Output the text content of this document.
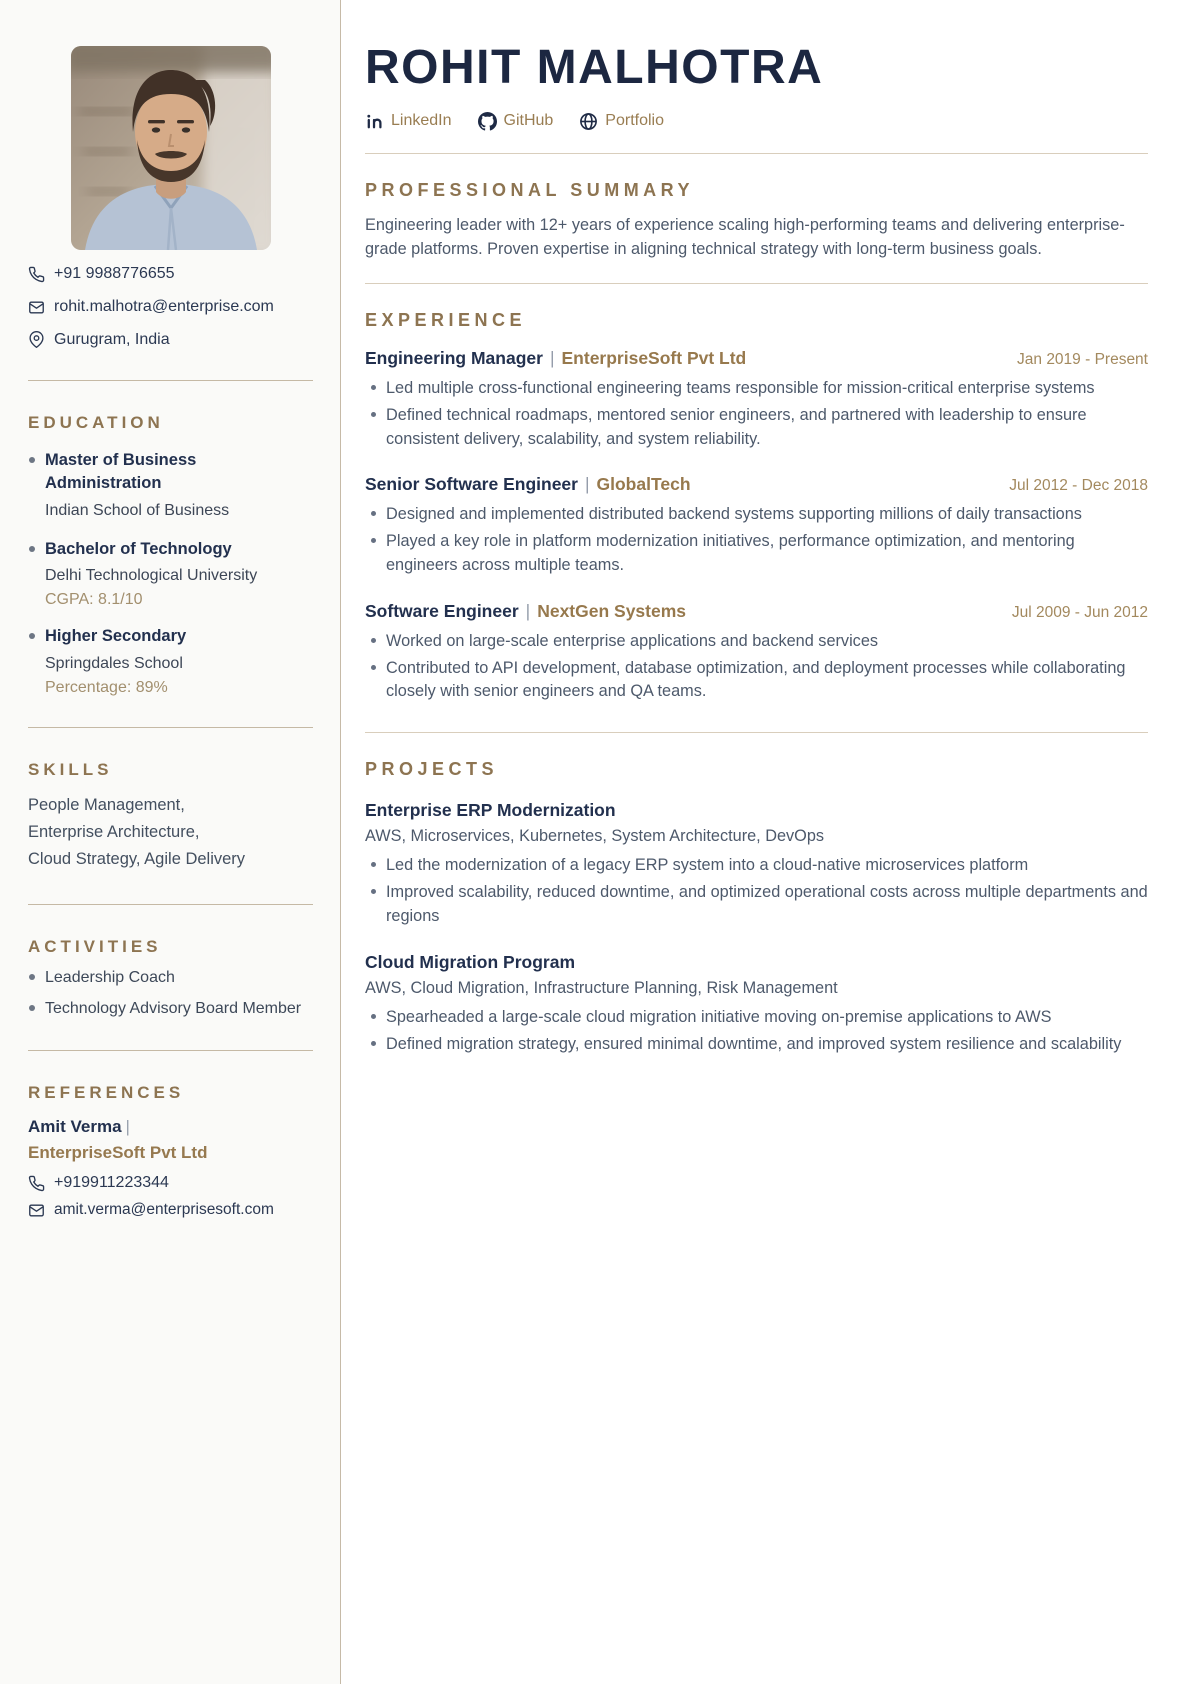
+91 9988776655
rohit.malhotra@enterprise.com
Gurugram, India
EDUCATION
Master of Business Administration
Indian School of Business
Bachelor of Technology
Delhi Technological University
CGPA: 8.1/10
Higher Secondary
Springdales School
Percentage: 89%
SKILLS
People Management,
Enterprise Architecture,
Cloud Strategy, Agile Delivery
ACTIVITIES
Leadership Coach
Technology Advisory Board Member
REFERENCES
Amit Verma |
EnterpriseSoft Pvt Ltd
+919911223344
amit.verma@enterprisesoft.com
ROHIT MALHOTRA
LinkedIn	GitHub	Portfolio
PROFESSIONAL SUMMARY

Engineering leader with 12+ years of experience scaling high-performing teams and delivering enterprise-grade platforms. Proven expertise in aligning technical strategy with long-term business goals.

EXPERIENCE
Engineering Manager | EnterpriseSoft Pvt Ltd	Jan 2019 - Present
Led multiple cross-functional engineering teams responsible for mission-critical enterprise systems
Defined technical roadmaps, mentored senior engineers, and partnered with leadership to ensure consistent delivery, scalability, and system reliability.
Senior Software Engineer | GlobalTech	Jul 2012 - Dec 2018
Designed and implemented distributed backend systems supporting millions of daily transactions
Played a key role in platform modernization initiatives, performance optimization, and mentoring engineers across multiple teams.
Software Engineer | NextGen Systems	Jul 2009 - Jun 2012
Worked on large-scale enterprise applications and backend services
Contributed to API development, database optimization, and deployment processes while collaborating closely with senior engineers and QA teams.
PROJECTS
Enterprise ERP Modernization
AWS, Microservices, Kubernetes, System Architecture, DevOps
Led the modernization of a legacy ERP system into a cloud-native microservices platform
Improved scalability, reduced downtime, and optimized operational costs across multiple departments and regions
Cloud Migration Program
AWS, Cloud Migration, Infrastructure Planning, Risk Management
Spearheaded a large-scale cloud migration initiative moving on-premise applications to AWS
Defined migration strategy, ensured minimal downtime, and improved system resilience and scalability
